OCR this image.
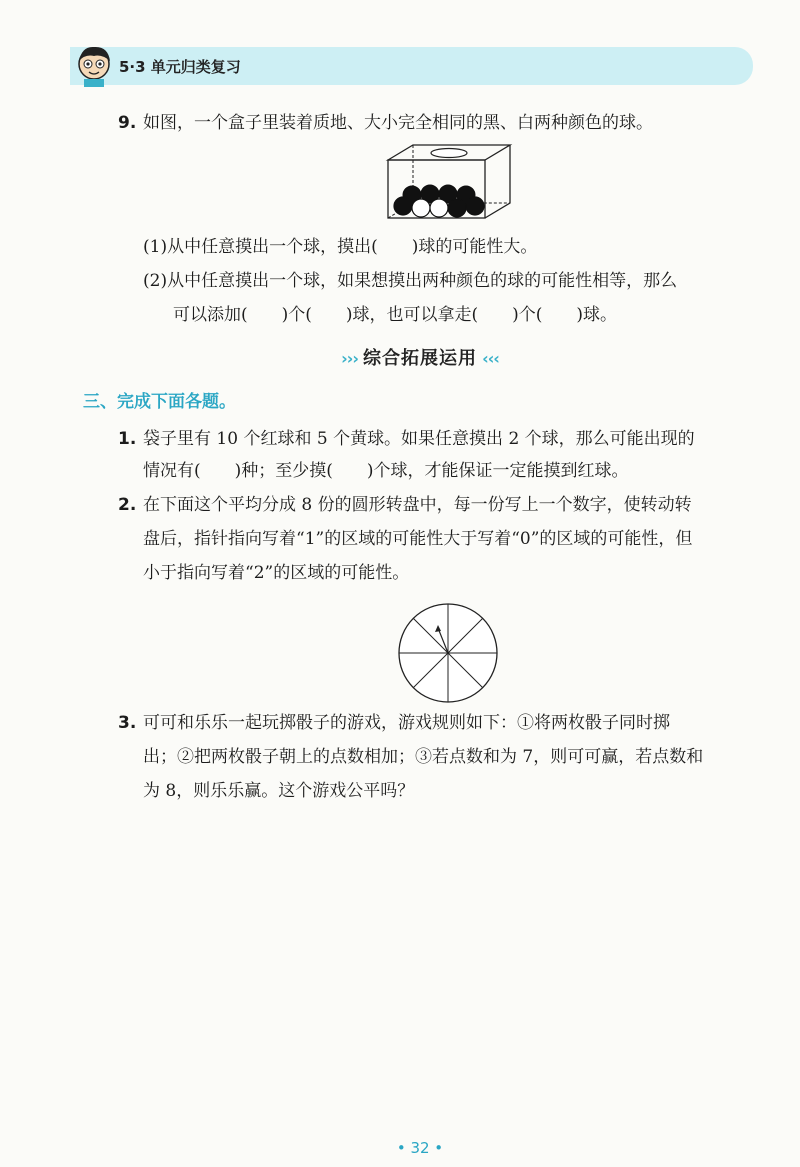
5·3 单元归类复习
9. 如图，一个盒子里装着质地、大小完全相同的黑、白两种颜色的球。
(1)从中任意摸出一个球，摸出(　　)球的可能性大。
(2)从中任意摸出一个球，如果想摸出两种颜色的球的可能性相等，那么
可以添加(　　)个(　　)球，也可以拿走(　　)个(　　)球。
››› 综合拓展运用 ‹‹‹
三、完成下面各题。
1. 袋子里有 10 个红球和 5 个黄球。如果任意摸出 2 个球，那么可能出现的
情况有(　　)种；至少摸(　　)个球，才能保证一定能摸到红球。
2. 在下面这个平均分成 8 份的圆形转盘中，每一份写上一个数字，使转动转
盘后，指针指向写着“1”的区域的可能性大于写着“0”的区域的可能性，但
小于指向写着“2”的区域的可能性。
3. 可可和乐乐一起玩掷骰子的游戏，游戏规则如下：①将两枚骰子同时掷
出；②把两枚骰子朝上的点数相加；③若点数和为 7，则可可赢，若点数和
为 8，则乐乐赢。这个游戏公平吗？
• 32 •
